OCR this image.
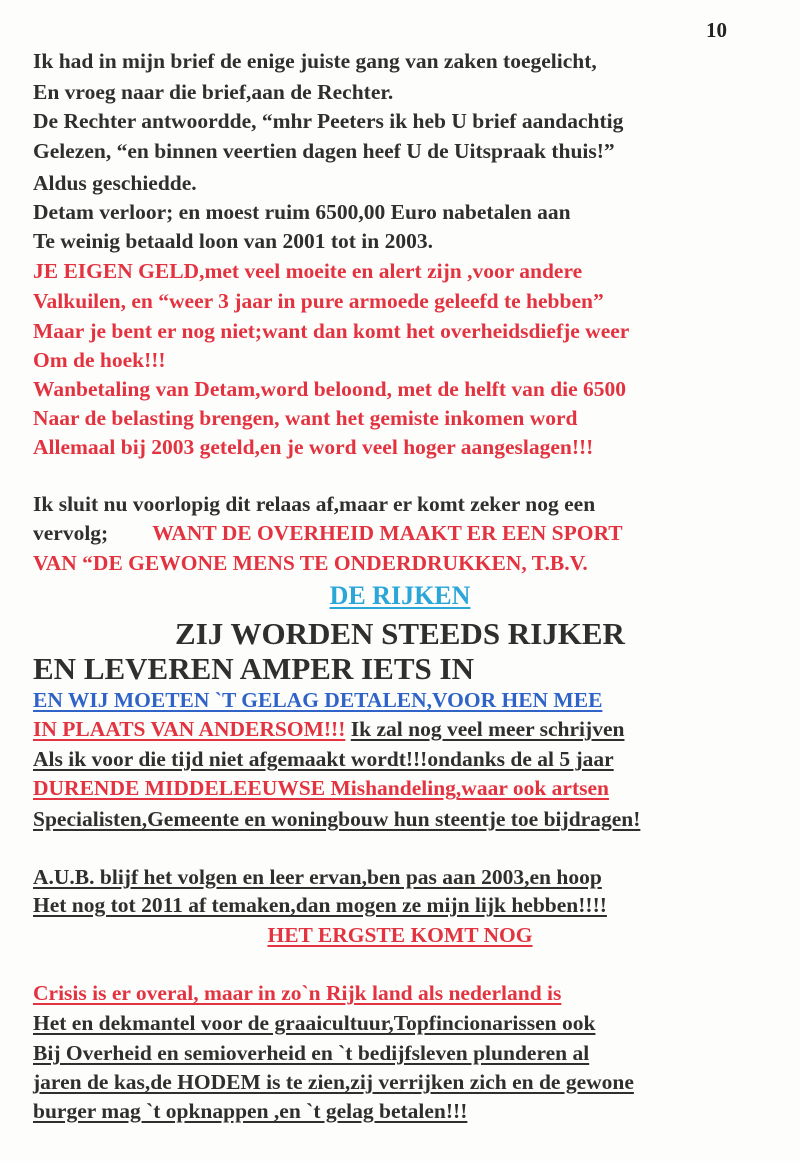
10
Ik had in mijn brief de enige juiste gang van zaken toegelicht,
En vroeg naar die brief,aan de Rechter.
De Rechter antwoordde, “mhr Peeters ik heb U brief aandachtig
Gelezen, “en binnen veertien dagen heef U de Uitspraak thuis!”
Aldus geschiedde.
Detam verloor; en moest ruim 6500,00 Euro nabetalen aan
Te weinig betaald loon van 2001 tot in 2003.
JE EIGEN GELD,met veel moeite en alert zijn ,voor andere
Valkuilen, en “weer 3 jaar in pure armoede geleefd te hebben”
Maar je bent er nog niet;want dan komt het overheidsdiefje weer
Om de hoek!!!
Wanbetaling van Detam,word beloond, met de helft van die 6500
Naar de belasting brengen, want het gemiste inkomen word
Allemaal bij 2003 geteld,en je word veel hoger aangeslagen!!!
Ik sluit nu voorlopig dit relaas af,maar er komt zeker nog een
vervolg; WANT DE OVERHEID MAAKT ER EEN SPORT
VAN “DE GEWONE MENS TE ONDERDRUKKEN, T.B.V.
DE RIJKEN
ZIJ WORDEN STEEDS RIJKER
EN LEVEREN AMPER IETS IN
EN WIJ MOETEN `T GELAG DETALEN,VOOR HEN MEE
IN PLAATS VAN ANDERSOM!!! Ik zal nog veel meer schrijven
Als ik voor die tijd niet afgemaakt wordt!!!ondanks de al 5 jaar
DURENDE MIDDELEEUWSE Mishandeling,waar ook artsen
Specialisten,Gemeente en woningbouw hun steentje toe bijdragen!
A.U.B. blijf het volgen en leer ervan,ben pas aan 2003,en hoop
Het nog tot 2011 af temaken,dan mogen ze mijn lijk hebben!!!!
HET ERGSTE KOMT NOG
Crisis is er overal, maar in zo`n Rijk land als nederland is
Het en dekmantel voor de graaicultuur,Topfincionarissen ook
Bij Overheid en semioverheid en `t bedijfsleven plunderen al
jaren de kas,de HODEM is te zien,zij verrijken zich en de gewone
burger mag `t opknappen ,en `t gelag betalen!!!
